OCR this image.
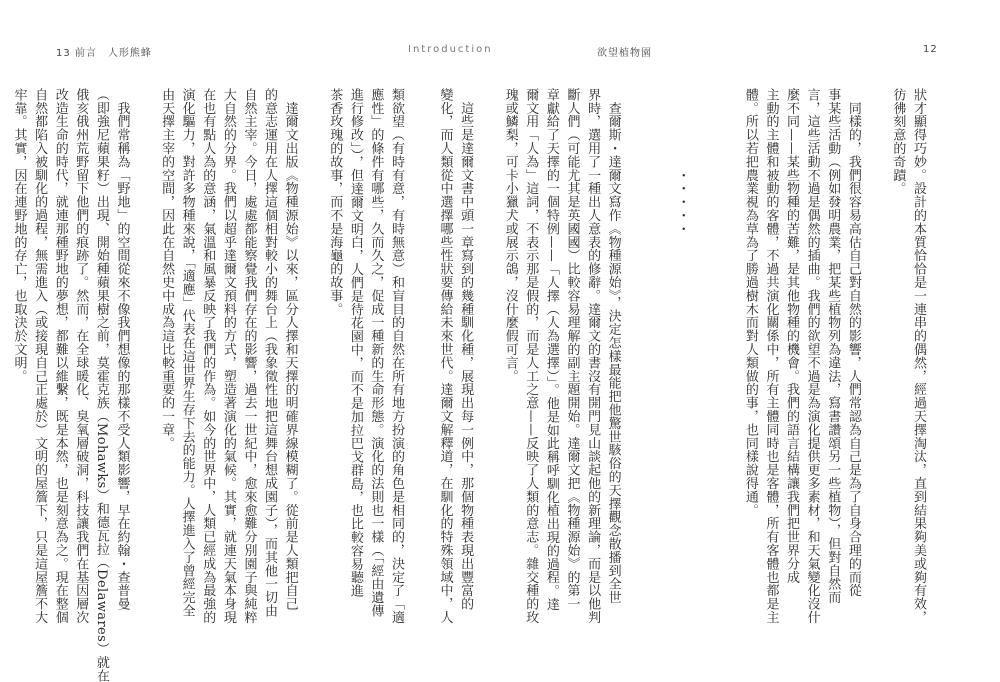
13 前言　人形熊蜂	Introduction	欲望植物園	12
類欲望（有時有意，有時無意）和盲目的自然在所有地方扮演的角色是相同的，決定了「適
應性」的條件有哪些，久而久之，促成一種新的生命形態。演化的法則也一樣（「經由遺傳
進行修改」），但達爾文明白，人們是待花園中，而不是加拉巴戈群島，也比較容易聽進
茶香玫瑰的故事，而不是海龜的故事。
　達爾文出版《物種源始》以來，區分人擇和天擇的明確界線模糊了。從前是人類把自己
的意志運用在人擇這個相對較小的舞台上（我象徵性地把這舞台想成園子），而其他一切由
自然主宰。今日，處處都能察覺我們存在的影響，過去一世紀中，愈來愈難分別園子與純粹
大自然的分界。我們以超乎達爾文預料的方式，塑造著演化的氣候。其實，就連天氣本身現
在也有點人為的意涵，氣溫和風暴反映了我們的作為。如今的世界中，人類已經成為最強的
演化驅力，對許多物種來說，「適應」代表在這世界生存下去的能力。人擇進入了曾經完全
由天擇主宰的空間，因此在自然史中成為這比較重要的一章。
　我們常稱為「野地」的空間從來不像我們想像的那樣不受人類影響，早在約翰・查普曼
（即強尼蘋果籽）出現、開始種蘋果樹之前，莫霍克族（Mohawks）和德瓦拉（Delawares）就在
俄亥俄州荒野留下他們的痕跡了。然而，在全球暖化、臭氧層破洞，科技讓我們在基因層次
改造生命的時代，就連那種野地的夢想，都難以維繫，既是本然，也是刻意為之。現在整個
自然都陷入被馴化的過程，無需進入（或接現自己正處於）文明的屋簷下，只是這屋簷不大
牢靠。其實，因在連野地的存亡，也取決於文明。	狀才顯得巧妙。設計的本質恰恰是一連串的偶然，經過天擇淘汰，直到結果夠美或夠有效，
彷彿刻意的奇蹟。
　同樣的，我們很容易高估自己對自然的影響，人們常認為自己是為了自身合理的而從
事某些活動（例如發明農業，把某些植物列為違法，寫書讚頌另一些植物），但對自然而
言，這些活動不過是偶然的插曲。我們的欲望不過是為演化提供更多素材，和天氣變化沒什
麼不同——某些物種的苦難，是其他物種的機會。我們的語言結構讓我們把世界分成
主動的主體和被動的客體，不過共演化關係中，所有主體同時也是客體，所有客體也都是主
體。所以若把農業視為草為了勝過樹木而對人類做的事，也同樣說得通。
　　　　　　・・・・・
　查爾斯・達爾文寫作《物種源始》，決定怎樣最能把他驚世駭俗的天擇觀念散播到全世
界時，選用了一種出人意表的修辭。達爾文的書沒有開門見山談起他的新理論，而是以他判
斷人們（可能尤其是英國國）比較容易理解的副主題開始。達爾文把《物種源始》的第一
章獻給了天擇的一個特例——「人擇（人為選擇）」。他是如此稱呼馴化植出現的過程。達
爾文用「人為」這詞，不表示那是假的，而是人工之意——反映了人類的意志。雜交種的玫
瑰或鱗梨，可卡小獵犬或展示鴿，沒什麼假可言。
　這些是達爾文書中頭一章寫到的幾種馴化種，展現出每一例中，那個物種表現出豐富的
變化，而人類從中選擇哪些性狀要傳給未來世代。達爾文解釋道，在馴化的特殊領域中，人
